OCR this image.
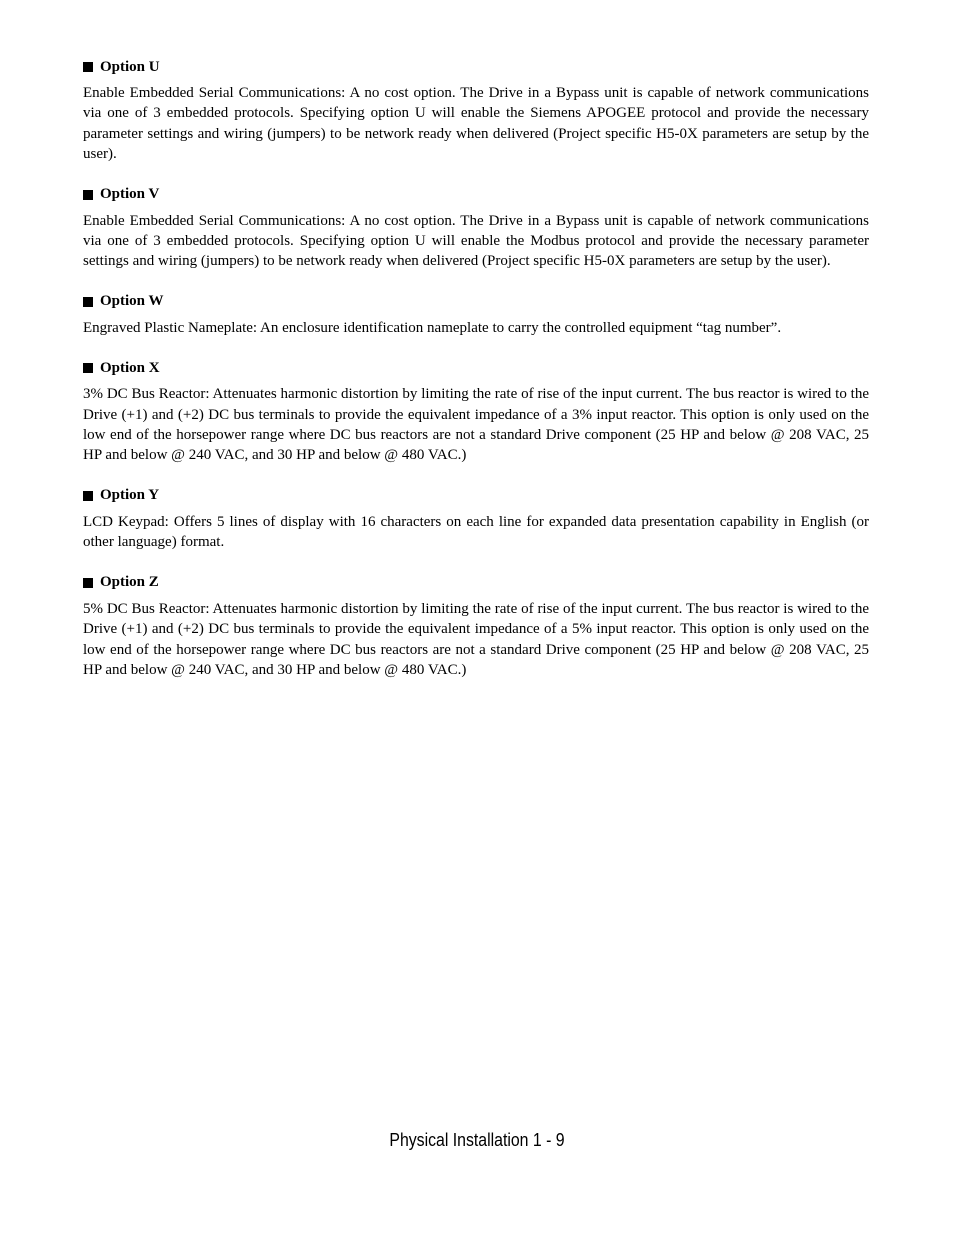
Option U

Enable Embedded Serial Communications: A no cost option. The Drive in a Bypass unit is capable of network communications via one of 3 embedded protocols. Specifying option U will enable the Siemens APOGEE protocol and provide the necessary parameter settings and wiring (jumpers) to be network ready when delivered (Project specific H5-0X parameters are setup by the user).

Option V

Enable Embedded Serial Communications: A no cost option. The Drive in a Bypass unit is capable of network communications via one of 3 embedded protocols. Specifying option U will enable the Modbus protocol and provide the necessary parameter settings and wiring (jumpers) to be network ready when delivered (Project specific H5-0X parameters are setup by the user).

Option W

Engraved Plastic Nameplate: An enclosure identification nameplate to carry the controlled equipment “tag number”.

Option X

3% DC Bus Reactor: Attenuates harmonic distortion by limiting the rate of rise of the input current. The bus reactor is wired to the Drive (+1) and (+2) DC bus terminals to provide the equivalent impedance of a 3% input reactor. This option is only used on the low end of the horsepower range where DC bus reactors are not a standard Drive component (25 HP and below @ 208 VAC, 25 HP and below @ 240 VAC, and 30 HP and below @ 480 VAC.)

Option Y

LCD Keypad: Offers 5 lines of display with 16 characters on each line for expanded data presentation capability in English (or other language) format.

Option Z

5% DC Bus Reactor: Attenuates harmonic distortion by limiting the rate of rise of the input current. The bus reactor is wired to the Drive (+1) and (+2) DC bus terminals to provide the equivalent impedance of a 5% input reactor. This option is only used on the low end of the horsepower range where DC bus reactors are not a standard Drive component (25 HP and below @ 208 VAC, 25 HP and below @ 240 VAC, and 30 HP and below @ 480 VAC.)

Physical Installation 1 - 9
